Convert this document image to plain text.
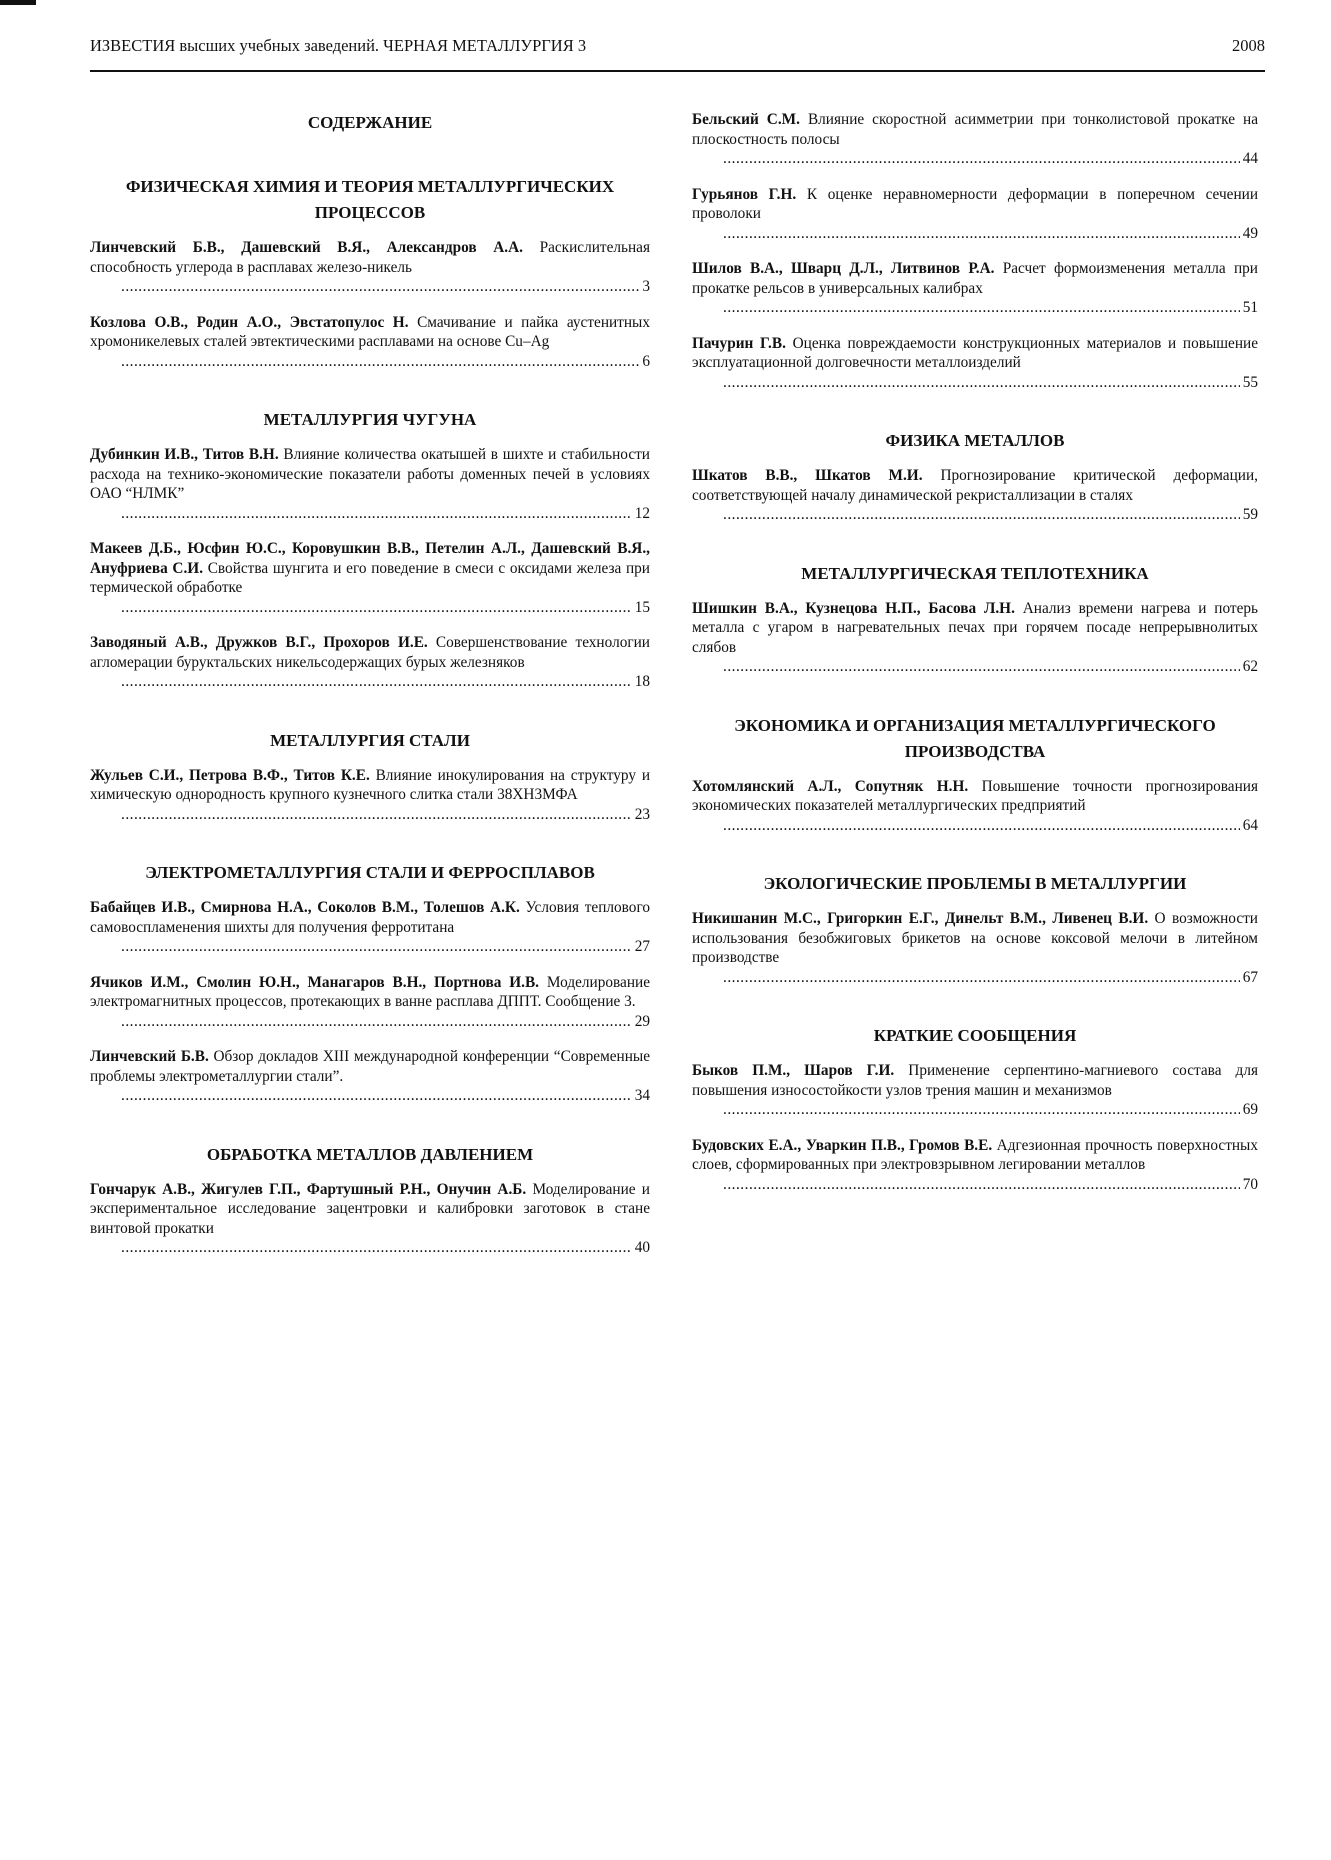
ИЗВЕСТИЯ высших учебных заведений. ЧЕРНАЯ МЕТАЛЛУРГИЯ 3	2008
СОДЕРЖАНИЕ
ФИЗИЧЕСКАЯ ХИМИЯ И ТЕОРИЯ МЕТАЛЛУРГИЧЕСКИХ ПРОЦЕССОВ
Линчевский Б.В., Дашевский В.Я., Александров А.А. Раскислительная способность углерода в расплавах железо-никель
.....
3
Козлова О.В., Родин А.О., Эвстатопулос Н. Смачивание и пайка аустенитных хромоникелевых сталей эвтектическими расплавами на основе Cu–Ag
.....
6
МЕТАЛЛУРГИЯ ЧУГУНА
Дубинкин И.В., Титов В.Н. Влияние количества окатышей в шихте и стабильности расхода на технико-экономические показатели работы доменных печей в условиях ОАО “НЛМК”
.....
12
Макеев Д.Б., Юсфин Ю.С., Коровушкин В.В., Петелин А.Л., Дашевский В.Я., Ануфриева С.И. Свойства шунгита и его поведение в смеси с оксидами железа при термической обработке
.....
15
Заводяный А.В., Дружков В.Г., Прохоров И.Е. Совершенствование технологии агломерации буруктальских никельсодержащих бурых железняков
.....
18
МЕТАЛЛУРГИЯ СТАЛИ
Жульев С.И., Петрова В.Ф., Титов К.Е. Влияние инокулирования на структуру и химическую однородность крупного кузнечного слитка стали 38ХН3МФА
.....
23
ЭЛЕКТРОМЕТАЛЛУРГИЯ СТАЛИ И ФЕРРОСПЛАВОВ
Бабайцев И.В., Смирнова Н.А., Соколов В.М., Толешов А.К. Условия теплового самовоспламенения шихты для получения ферротитана
.....
27
Ячиков И.М., Смолин Ю.Н., Манагаров В.Н., Портнова И.В. Моделирование электромагнитных процессов, протекающих в ванне расплава ДППТ. Сообщение 3.
.....
29
Линчевский Б.В. Обзор докладов XIII международной конференции “Современные проблемы электрометаллургии стали”.
.....
34
ОБРАБОТКА МЕТАЛЛОВ ДАВЛЕНИЕМ
Гончарук А.В., Жигулев Г.П., Фартушный Р.Н., Онучин А.Б. Моделирование и экспериментальное исследование зацентровки и калибровки заготовок в стане винтовой прокатки
.....
40
Бельский С.М. Влияние скоростной асимметрии при тонколистовой прокатке на плоскостность полосы
.....
44
Гурьянов Г.Н. К оценке неравномерности деформации в поперечном сечении проволоки
.....
49
Шилов В.А., Шварц Д.Л., Литвинов Р.А. Расчет формоизменения металла при прокатке рельсов в универсальных калибрах
.....
51
Пачурин Г.В. Оценка повреждаемости конструкционных материалов и повышение эксплуатационной долговечности металлоизделий
.....
55
ФИЗИКА МЕТАЛЛОВ
Шкатов В.В., Шкатов М.И. Прогнозирование критической деформации, соответствующей началу динамической рекристаллизации в сталях
.....
59
МЕТАЛЛУРГИЧЕСКАЯ ТЕПЛОТЕХНИКА
Шишкин В.А., Кузнецова Н.П., Басова Л.Н. Анализ времени нагрева и потерь металла с угаром в нагревательных печах при горячем посаде непрерывнолитых слябов
.....
62
ЭКОНОМИКА И ОРГАНИЗАЦИЯ МЕТАЛЛУРГИЧЕСКОГО ПРОИЗВОДСТВА
Хотомлянский А.Л., Сопутняк Н.Н. Повышение точности прогнозирования экономических показателей металлургических предприятий
.....
64
ЭКОЛОГИЧЕСКИЕ ПРОБЛЕМЫ В МЕТАЛЛУРГИИ
Никишанин М.С., Григоркин Е.Г., Динельт В.М., Ливенец В.И. О возможности использования безобжиговых брикетов на основе коксовой мелочи в литейном производстве
.....
67
КРАТКИЕ СООБЩЕНИЯ
Быков П.М., Шаров Г.И. Применение серпентино-магниевого состава для повышения износостойкости узлов трения машин и механизмов
.....
69
Будовских Е.А., Уваркин П.В., Громов В.Е. Адгезионная прочность поверхностных слоев, сформированных при электровзрывном легировании металлов
.....
70
